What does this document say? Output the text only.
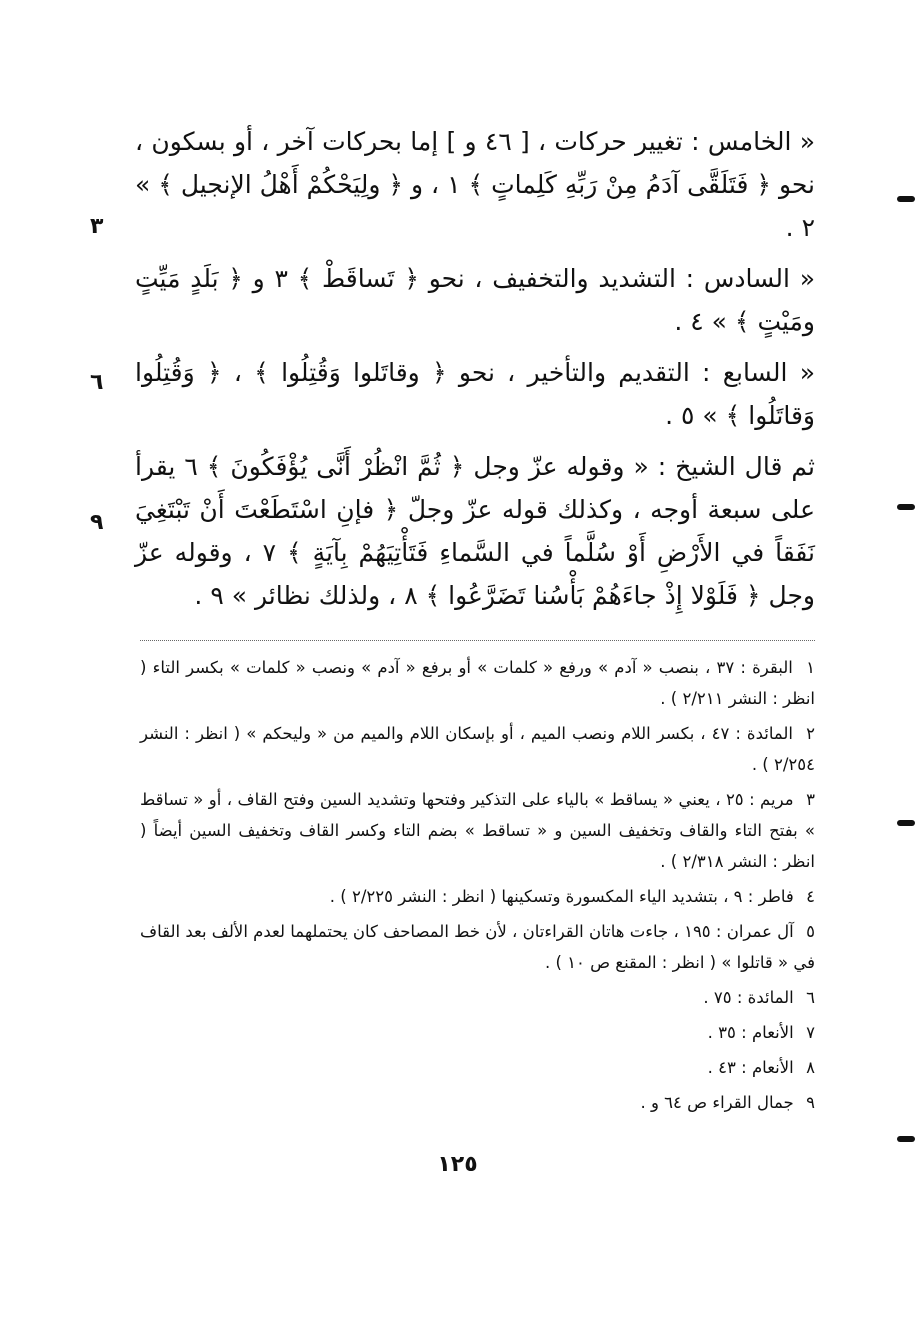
٣
٦
٩

« الخامس : تغيير حركات ، [ ٤٦ و ] إما بحركات آخر ، أو بسكون ، نحو ﴿ فَتَلَقَّى آدَمُ مِنْ رَبِّهِ كَلِماتٍ ﴾ ١ ، و ﴿ ولِيَحْكُمْ أَهْلُ الإنجيل ﴾ » ٢ .

« السادس : التشديد والتخفيف ، نحو ﴿ تَساقَطْ ﴾ ٣ و ﴿ بَلَدٍ مَيِّتٍ ومَيْتٍ ﴾ » ٤ .

« السابع : التقديم والتأخير ، نحو ﴿ وقاتَلوا وَقُتِلُوا ﴾ ، ﴿ وَقُتِلُوا وَقاتَلُوا ﴾ » ٥ .

ثم قال الشيخ : « وقوله عزّ وجل ﴿ ثُمَّ انْظُرْ أَنَّى يُؤْفَكُونَ ﴾ ٦ يقرأ على سبعة أوجه ، وكذلك قوله عزّ وجلّ ﴿ فإنِ اسْتَطَعْتَ أَنْ تَبْتَغِيَ نَفَقاً في الأَرْضِ أَوْ سُلَّماً في السَّماءِ فَتَأْتِيَهُمْ بِآيَةٍ ﴾ ٧ ، وقوله عزّ وجل ﴿ فَلَوْلا إِذْ جاءَهُمْ بَأْسُنا تَضَرَّعُوا ﴾ ٨ ، ولذلك نظائر » ٩ .

١ البقرة : ٣٧ ، بنصب « آدم » ورفع « كلمات » أو برفع « آدم » ونصب « كلمات » بكسر التاء ( انظر : النشر ٢/٢١١ ) .
٢ المائدة : ٤٧ ، بكسر اللام ونصب الميم ، أو بإسكان اللام والميم من « وليحكم » ( انظر : النشر ٢/٢٥٤ ) .
٣ مريم : ٢٥ ، يعني « يساقط » بالياء على التذكير وفتحها وتشديد السين وفتح القاف ، أو « تساقط » بفتح التاء والقاف وتخفيف السين و « تساقط » بضم التاء وكسر القاف وتخفيف السين أيضاً ( انظر : النشر ٢/٣١٨ ) .
٤ فاطر : ٩ ، بتشديد الياء المكسورة وتسكينها ( انظر : النشر ٢/٢٢٥ ) .
٥ آل عمران : ١٩٥ ، جاءت هاتان القراءتان ، لأن خط المصاحف كان يحتملهما لعدم الألف بعد القاف في « قاتلوا » ( انظر : المقنع ص ١٠ ) .
٦ المائدة : ٧٥ .
٧ الأنعام : ٣٥ .
٨ الأنعام : ٤٣ .
٩ جمال القراء ص ٦٤ و .
١٢٥
